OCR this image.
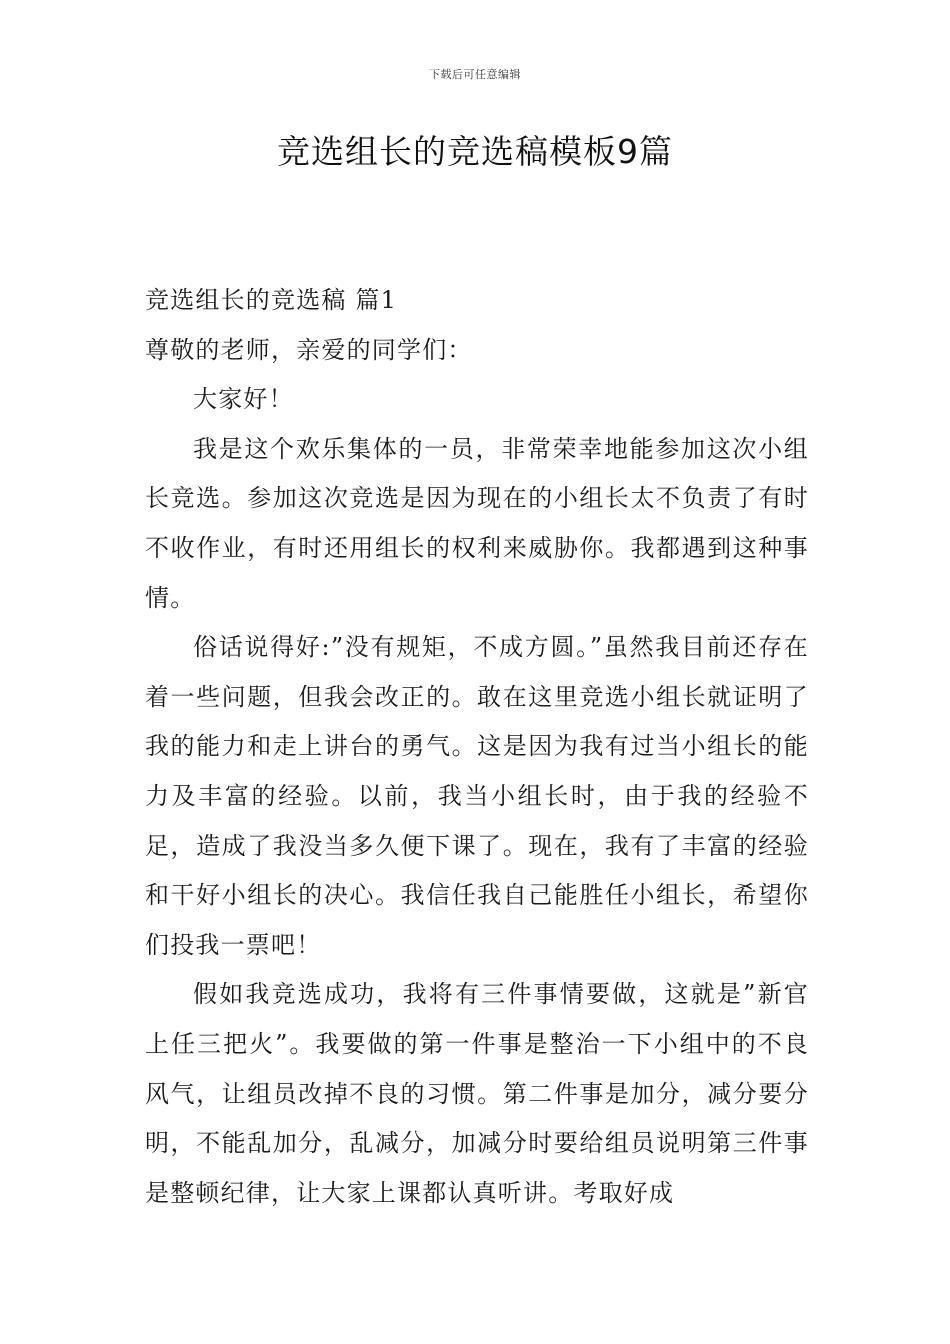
下载后可任意编辑
竞选组长的竞选稿模板9篇

竞选组长的竞选稿 篇1

尊敬的老师，亲爱的同学们：

大家好！

我是这个欢乐集体的一员，非常荣幸地能参加这次小组长竞选。参加这次竞选是因为现在的小组长太不负责了有时不收作业，有时还用组长的权利来威胁你。我都遇到这种事情。

俗话说得好:”没有规矩，不成方圆。”虽然我目前还存在着一些问题，但我会改正的。敢在这里竞选小组长就证明了我的能力和走上讲台的勇气。这是因为我有过当小组长的能力及丰富的经验。以前，我当小组长时，由于我的经验不足，造成了我没当多久便下课了。现在，我有了丰富的经验和干好小组长的决心。我信任我自己能胜任小组长，希望你们投我一票吧！

假如我竞选成功，我将有三件事情要做，这就是”新官上任三把火”。我要做的第一件事是整治一下小组中的不良风气，让组员改掉不良的习惯。第二件事是加分，减分要分明，不能乱加分，乱减分，加减分时要给组员说明第三件事是整顿纪律，让大家上课都认真听讲。考取好成
